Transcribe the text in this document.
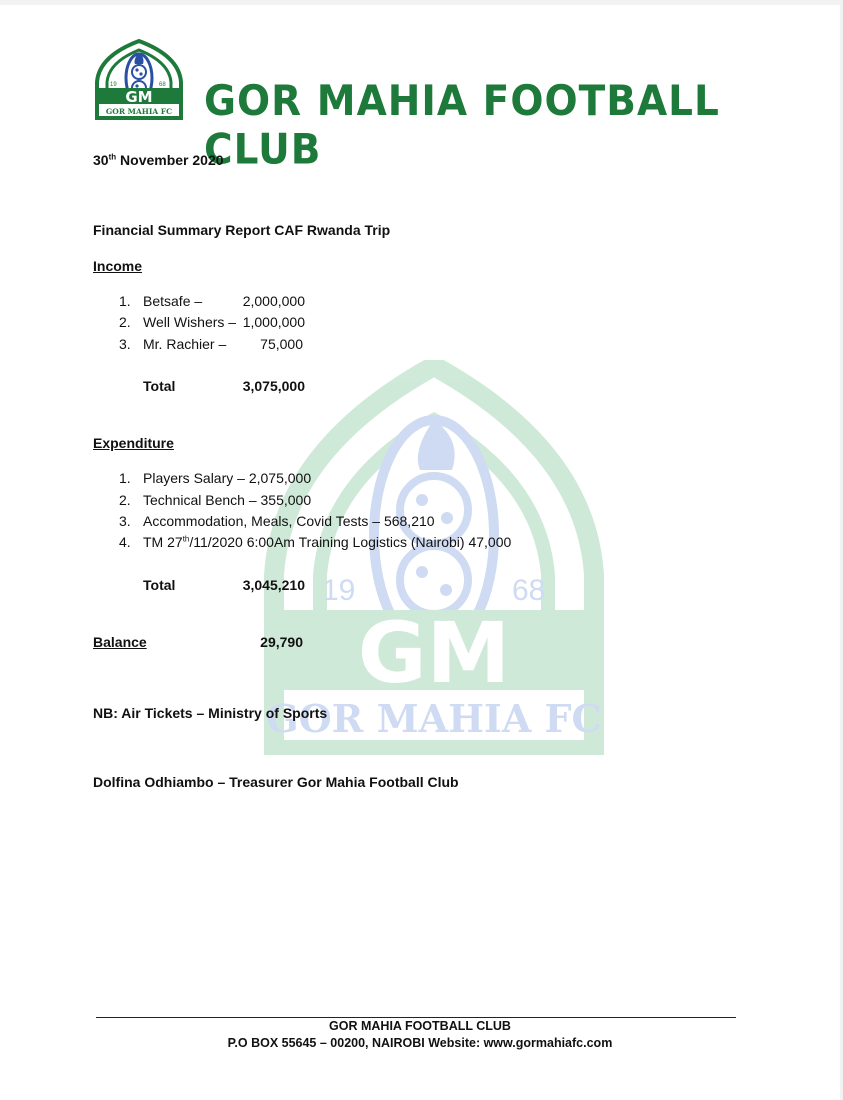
19	68
GM
GOR MAHIA FC GOR MAHIA FOOTBALL CLUB
19	68
GM
GOR MAHIA FC
30th November 2020
Financial Summary Report CAF Rwanda Trip
Income
1. Betsafe –	2,000,000
2. Well Wishers – 1,000,000
3. Mr. Rachier –	75,000
Total	3,075,000
Expenditure
1. Players Salary – 2,075,000
2. Technical Bench – 355,000
3. Accommodation, Meals, Covid Tests – 568,210
4. TM 27th/11/2020 6:00Am Training Logistics (Nairobi) 47,000
Total	3,045,210
Balance	29,790
NB: Air Tickets – Ministry of Sports
Dolfina Odhiambo – Treasurer Gor Mahia Football Club
GOR MAHIA FOOTBALL CLUB
P.O BOX 55645 – 00200, NAIROBI Website: www.gormahiafc.com
